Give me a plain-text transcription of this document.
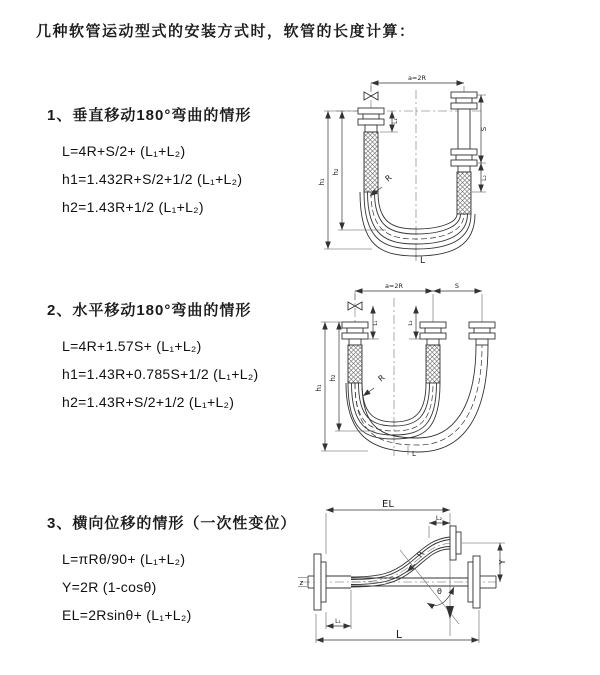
几种软管运动型式的安装方式时，软管的长度计算：
1、垂直移动180°弯曲的情形
L=4R+S/2+ (L₁+L₂)
h1=1.432R+S/2+1/2 (L₁+L₂)
h2=1.43R+1/2 (L₁+L₂)
2、水平移动180°弯曲的情形
L=4R+1.57S+ (L₁+L₂)
h1=1.43R+0.785S+1/2 (L₁+L₂)
h2=1.43R+S/2+1/2 (L₁+L₂)
3、横向位移的情形（一次性变位）
L=πRθ/90+ (L₁+L₂)
Y=2R (1-cosθ)
EL=2Rsinθ+ (L₁+L₂)
a=2R
h₁
h₂
L₁
S
L₂
R
L
a=2R	S
h₁
h₂
L₁	L₂
R
L
EL
L₂
z
Y
θ
R
L₁
L
